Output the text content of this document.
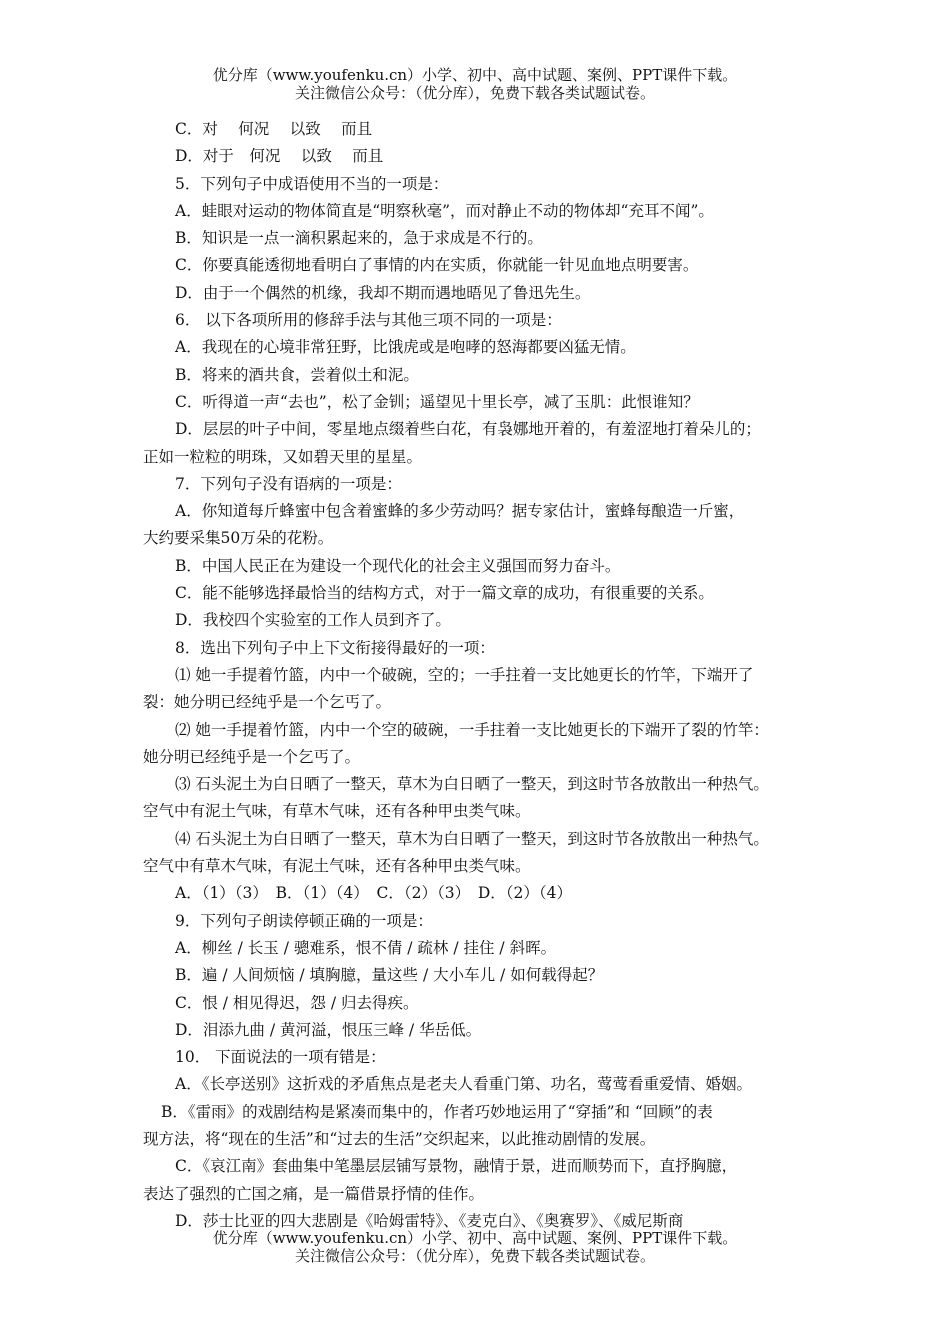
优分库（www.youfenku.cn）小学、初中、高中试题、案例、PPT课件下载。
关注微信公众号：（优分库），免费下载各类试题试卷。
C．对　 何况　 以致　 而且
D．对于　何况　 以致　 而且
5．下列句子中成语使用不当的一项是：
A．蛙眼对运动的物体简直是“明察秋毫”，而对静止不动的物体却“充耳不闻”。
B．知识是一点一滴积累起来的，急于求成是不行的。
C．你要真能透彻地看明白了事情的内在实质，你就能一针见血地点明要害。
D．由于一个偶然的机缘，我却不期而遇地晤见了鲁迅先生。
6． 以下各项所用的修辞手法与其他三项不同的一项是：
A．我现在的心境非常狂野，比饿虎或是咆哮的怒海都要凶猛无情。
B．将来的酒共食，尝着似土和泥。
C．听得道一声“去也”，松了金钏；遥望见十里长亭，减了玉肌：此恨谁知？
D．层层的叶子中间，零星地点缀着些白花，有袅娜地开着的，有羞涩地打着朵儿的；
正如一粒粒的明珠，又如碧天里的星星。
7．下列句子没有语病的一项是：
A．你知道每斤蜂蜜中包含着蜜蜂的多少劳动吗？据专家估计，蜜蜂每酿造一斤蜜，
大约要采集50万朵的花粉。
B．中国人民正在为建设一个现代化的社会主义强国而努力奋斗。
C．能不能够选择最恰当的结构方式，对于一篇文章的成功，有很重要的关系。
D．我校四个实验室的工作人员到齐了。
8．选出下列句子中上下文衔接得最好的一项：
⑴ 她一手提着竹篮，内中一个破碗，空的；一手拄着一支比她更长的竹竿，下端开了
裂：她分明已经纯乎是一个乞丐了。
⑵ 她一手提着竹篮，内中一个空的破碗，一手拄着一支比她更长的下端开了裂的竹竿：
她分明已经纯乎是一个乞丐了。
⑶ 石头泥土为白日晒了一整天，草木为白日晒了一整天，到这时节各放散出一种热气。
空气中有泥土气味，有草木气味，还有各种甲虫类气味。
⑷ 石头泥土为白日晒了一整天，草木为白日晒了一整天，到这时节各放散出一种热气。
空气中有草木气味，有泥土气味，还有各种甲虫类气味。
A．（1）（3）　B．（1）（4）　C．（2）（3）　D．（2）（4）
9．下列句子朗读停顿正确的一项是：
A．柳丝 / 长玉 / 骢难系，恨不倩 / 疏林 / 挂住 / 斜晖。
B．遍 / 人间烦恼 / 填胸臆，量这些 / 大小车儿 / 如何载得起？
C．恨 / 相见得迟，怨 / 归去得疾。
D．泪添九曲 / 黄河溢，恨压三峰 / 华岳低。
10． 下面说法的一项有错是：
A．《长亭送别》这折戏的矛盾焦点是老夫人看重门第、功名，莺莺看重爱情、婚姻。
B．《雷雨》的戏剧结构是紧凑而集中的，作者巧妙地运用了“穿插”和 “回顾”的表
现方法，将“现在的生活”和“过去的生活”交织起来，以此推动剧情的发展。
C．《哀江南》套曲集中笔墨层层铺写景物，融情于景，进而顺势而下，直抒胸臆，
表达了强烈的亡国之痛，是一篇借景抒情的佳作。
D．莎士比亚的四大悲剧是《哈姆雷特》、《麦克白》、《奥赛罗》、《威尼斯商
优分库（www.youfenku.cn）小学、初中、高中试题、案例、PPT课件下载。
关注微信公众号：（优分库），免费下载各类试题试卷。
